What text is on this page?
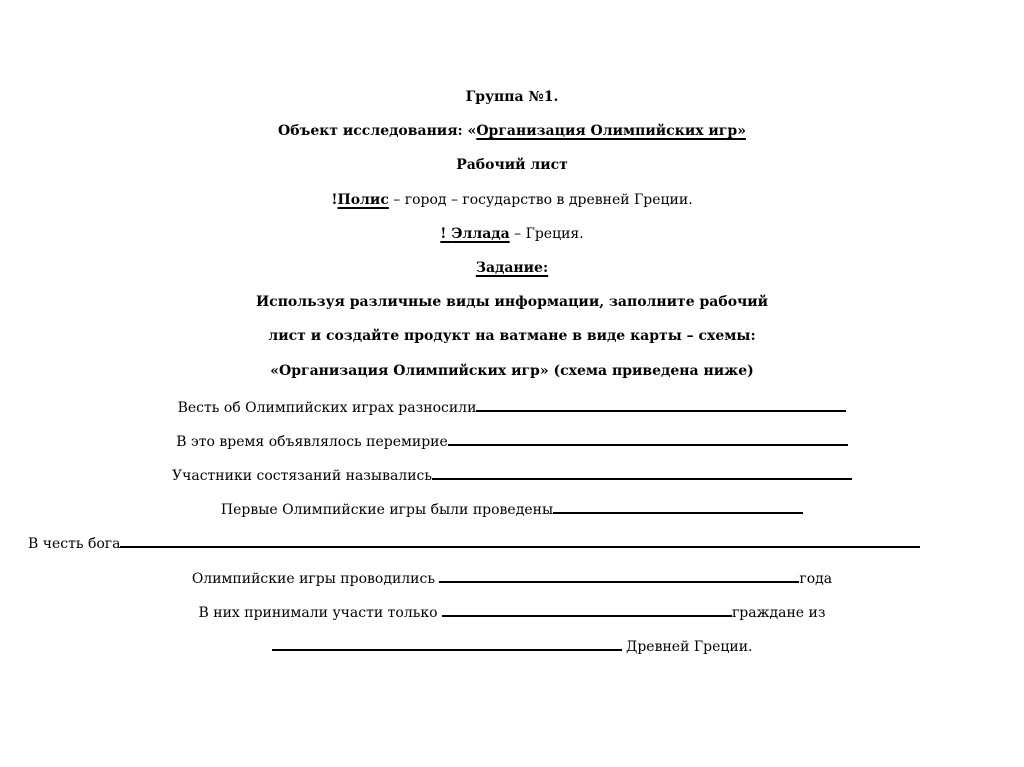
Группа №1.
Объект исследования: «Организация Олимпийских игр»
Рабочий лист
!Полис – город – государство в древней Греции.
! Эллада – Греция.
Задание:
Используя различные виды информации, заполните рабочий
лист и создайте продукт на ватмане в виде карты – схемы:
«Организация Олимпийских игр» (схема приведена ниже)
Весть об Олимпийских играх разносили
В это время объявлялось перемирие
Участники состязаний назывались
Первые Олимпийские игры были проведены
В честь бога
Олимпийские игры проводились	года
В них принимали участи только	граждане из
Древней Греции.
